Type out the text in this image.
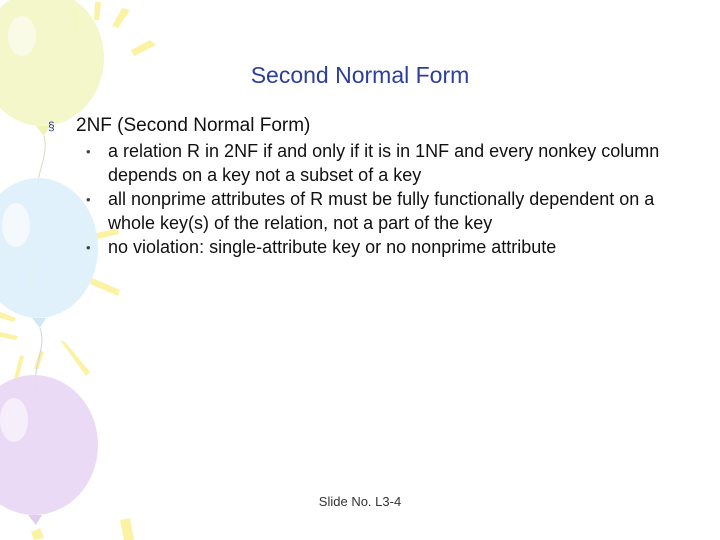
Second Normal Form
§ 2NF (Second Normal Form)
• a relation R in 2NF if and only if it is in 1NF and every nonkey column depends on a key not a subset of a key
• all nonprime attributes of R must be fully functionally dependent on a whole key(s) of the relation, not a part of the key
• no violation: single-attribute key or no nonprime attribute
Slide No. L3-4
